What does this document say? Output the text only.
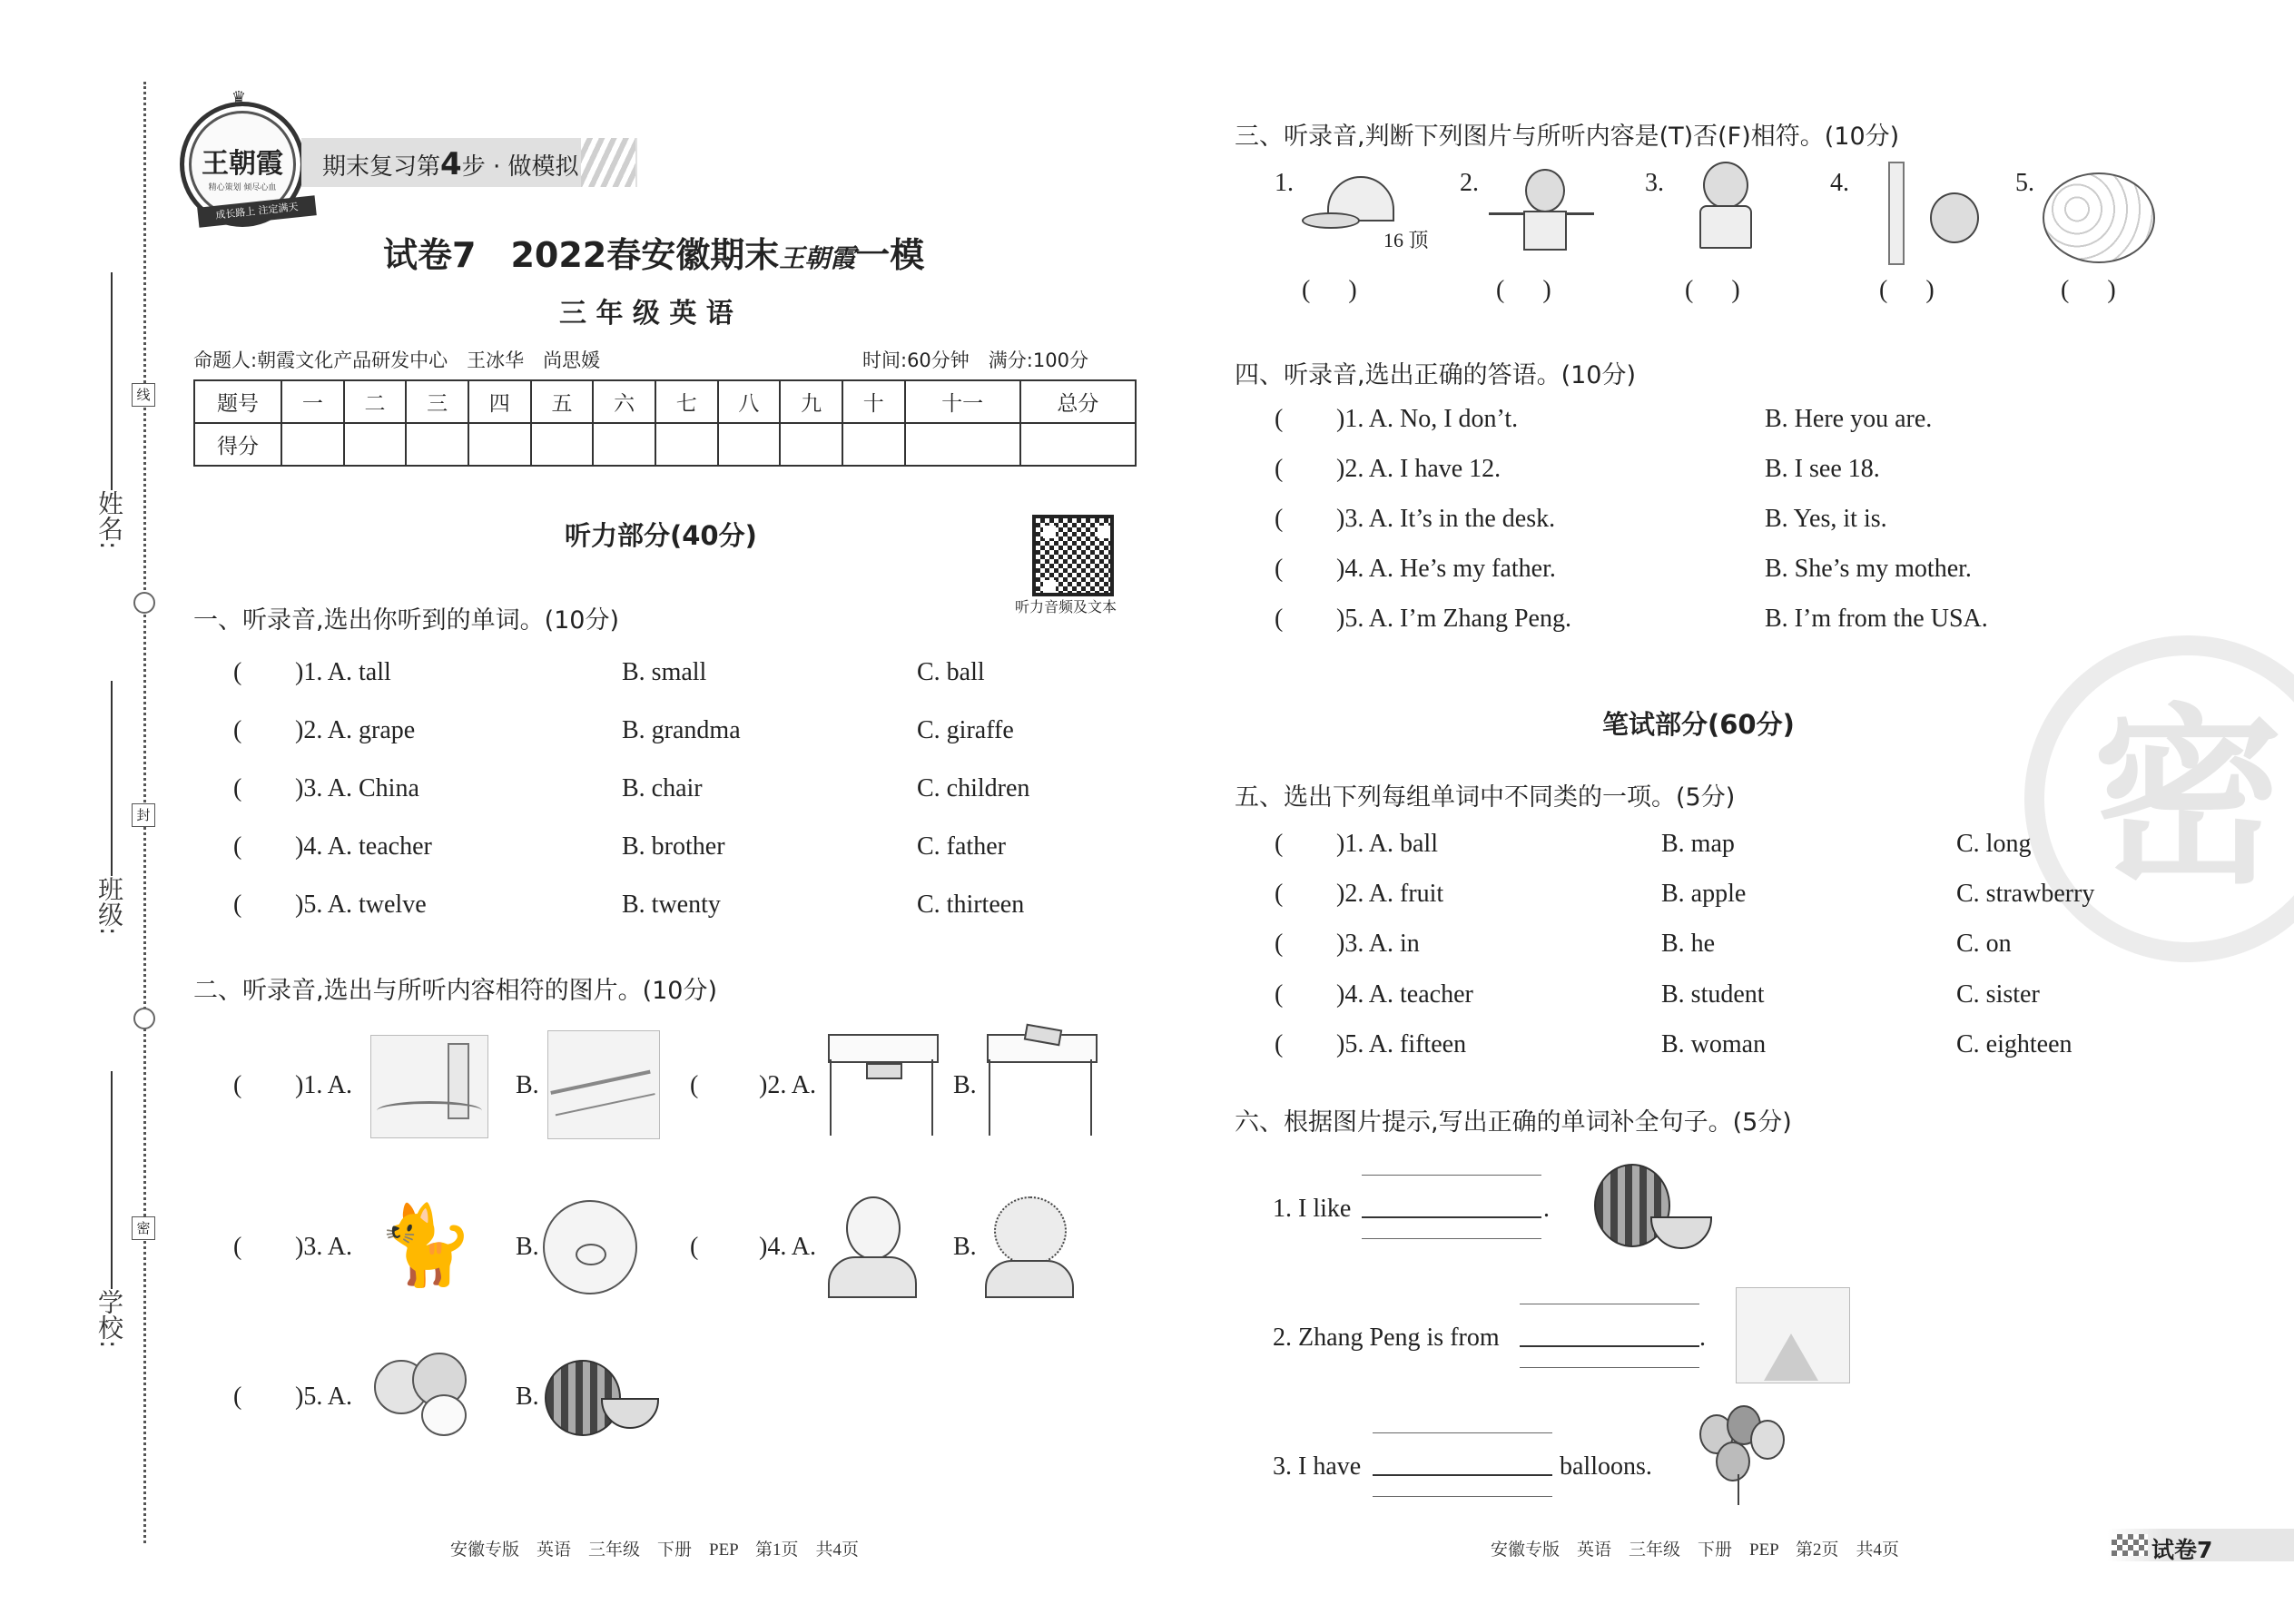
线
封
密
姓名:
班级:
学校:
♛
王朝霞
精心策划 倾尽心血
成长路上 注定满天
期末复习第4步 · 做模拟
试卷7　2022春安徽期末王朝霞一模
三 年 级 英 语
命题人:朝霞文化产品研发中心　王冰华　尚思媛	时间:60分钟　满分:100分
题号	一	二	三	四	五	六	七	八	九	十	十一	总分
得分												
听力部分(40分)
听力音频及文本
一、听录音,选出你听到的单词。(10分)
( )1. A. tall	B. small	C. ball
( )2. A. grape	B. grandma	C. giraffe
( )3. A. China	B. chair	C. children
( )4. A. teacher	B. brother	C. father
( )5. A. twelve	B. twenty	C. thirteen
二、听录音,选出与所听内容相符的图片。(10分)
( )1. A.	B.	( )2. A.	B.
( )3. A. 🐈 B.	( )4. A.	B.
( )5. A.	B.
三、听录音,判断下列图片与所听内容是(T)否(F)相符。(10分)
1.
16 顶
2.	3.	4.	5.
(      )	(      )	(      )	(      )	(      )
四、听录音,选出正确的答语。(10分)
( )1. A. No, I don’t.	B. Here you are.
( )2. A. I have 12.	B. I see 18.
( )3. A. It’s in the desk.	B. Yes, it is.
( )4. A. He’s my father.	B. She’s my mother.
( )5. A. I’m Zhang Peng.	B. I’m from the USA.
密
笔试部分(60分)
五、选出下列每组单词中不同类的一项。(5分)
( )1. A. ball	B. map	C. long
( )2. A. fruit	B. apple	C. strawberry
( )3. A. in	B. he	C. on
( )4. A. teacher	B. student	C. sister
( )5. A. fifteen	B. woman	C. eighteen
六、根据图片提示,写出正确的单词补全句子。(5分)
1. I like	.
2. Zhang Peng is from	.
3. I have	balloons.
安徽专版　英语　三年级　下册　PEP　第1页　共4页	安徽专版　英语　三年级　下册　PEP　第2页　共4页	试卷7
